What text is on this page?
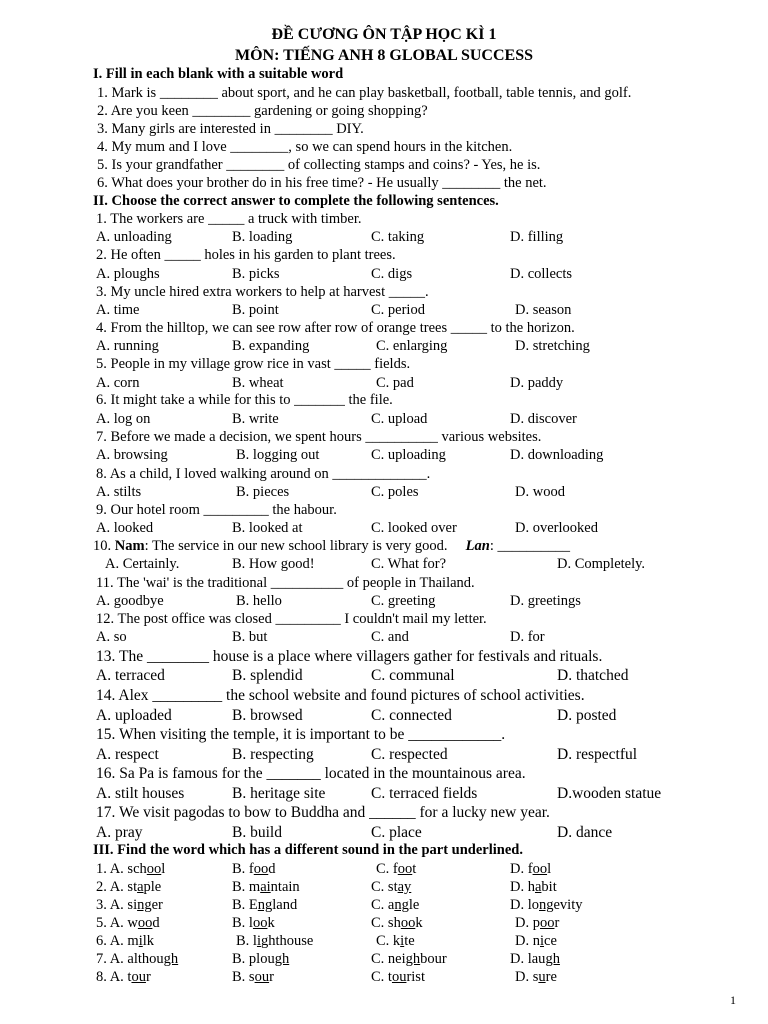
ĐỀ CƯƠNG ÔN TẬP HỌC KÌ 1
MÔN: TIẾNG ANH 8 GLOBAL SUCCESS
I. Fill in each blank with a suitable word
1. Mark is ________ about sport, and he can play basketball, football, table tennis, and golf.
2. Are you keen ________ gardening or going shopping?
3. Many girls are interested in ________ DIY.
4. My mum and I love ________, so we can spend hours in the kitchen.
5. Is your grandfather ________ of collecting stamps and coins? - Yes, he is.
6. What does your brother do in his free time? - He usually ________ the net.
II. Choose the correct answer to complete the following sentences.
1. The workers are _____ a truck with timber.
A. unloading	B. loading	C. taking	D. filling
2. He often _____ holes in his garden to plant trees.
A. ploughs	B. picks	C. digs	D. collects
3. My uncle hired extra workers to help at harvest _____.
A. time	B. point	C. period	D. season
4. From the hilltop, we can see row after row of orange trees _____ to the horizon.
A. running	B. expanding	C. enlarging	D. stretching
5. People in my village grow rice in vast _____ fields.
A. corn	B. wheat	C. pad	D. paddy
6. It might take a while for this to _______ the file.
A. log on	B. write	C. upload	D. discover
7. Before we made a decision, we spent hours __________ various websites.
A. browsing	B. logging out	C. uploading	D. downloading
8. As a child, I loved walking around on _____________.
A. stilts	B. pieces	C. poles	D. wood
9. Our hotel room _________ the habour.
A. looked	B. looked at	C. looked over	D. overlooked
10. Nam: The service in our new school library is very good. Lan: __________
A. Certainly.	B. How good!	C. What for?	D. Completely.
11. The 'wai' is the traditional __________ of people in Thailand.
A. goodbye	B. hello	C. greeting	D. greetings
12. The post office was closed _________ I couldn't mail my letter.
A. so	B. but	C. and	D. for
13. The ________ house is a place where villagers gather for festivals and rituals.
A. terraced	B. splendid	C. communal	D. thatched
14. Alex _________ the school website and found pictures of school activities.
A. uploaded	B. browsed	C. connected	D. posted
15. When visiting the temple, it is important to be ____________.
A. respect	B. respecting	C. respected	D. respectful
16. Sa Pa is famous for the _______ located in the mountainous area.
A. stilt houses	B. heritage site	C. terraced fields	D.wooden statue
17. We visit pagodas to bow to Buddha and ______ for a lucky new year.
A. pray	B. build	C. place	D. dance
III. Find the word which has a different sound in the part underlined.
1. A. school	B. food	C. foot	D. fool
2. A. staple	B. maintain	C. stay	D. habit
3. A. singer	B. England	C. angle	D. longevity
5. A. wood	B. look	C. shook	D. poor
6. A. milk	B. lighthouse	C. kite	D. nice
7. A. although	B. plough	C. neighbour	D. laugh
8. A. tour	B. sour	C. tourist	D. sure
1
